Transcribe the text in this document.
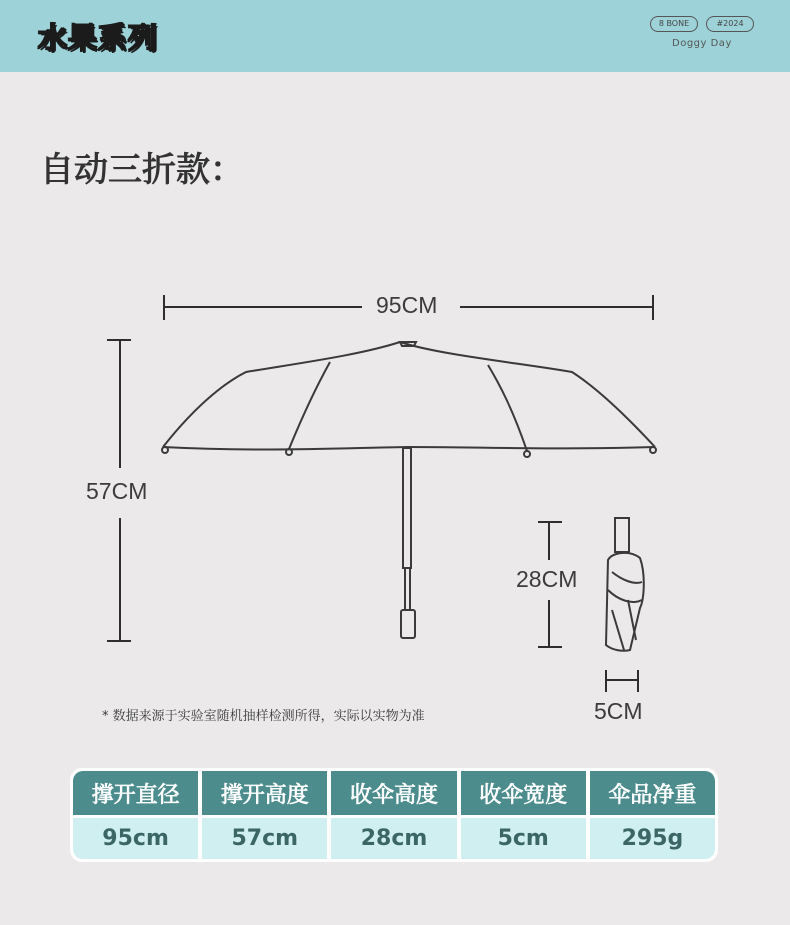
水果系列	8 BONE	#2024
Doggy Day
自动三折款：
95CM
57CM
28CM
5CM
* 数据来源于实验室随机抽样检测所得，实际以实物为准
撑开直径
95cm
撑开高度
57cm
收伞高度
28cm
收伞宽度
5cm
伞品净重
295g
